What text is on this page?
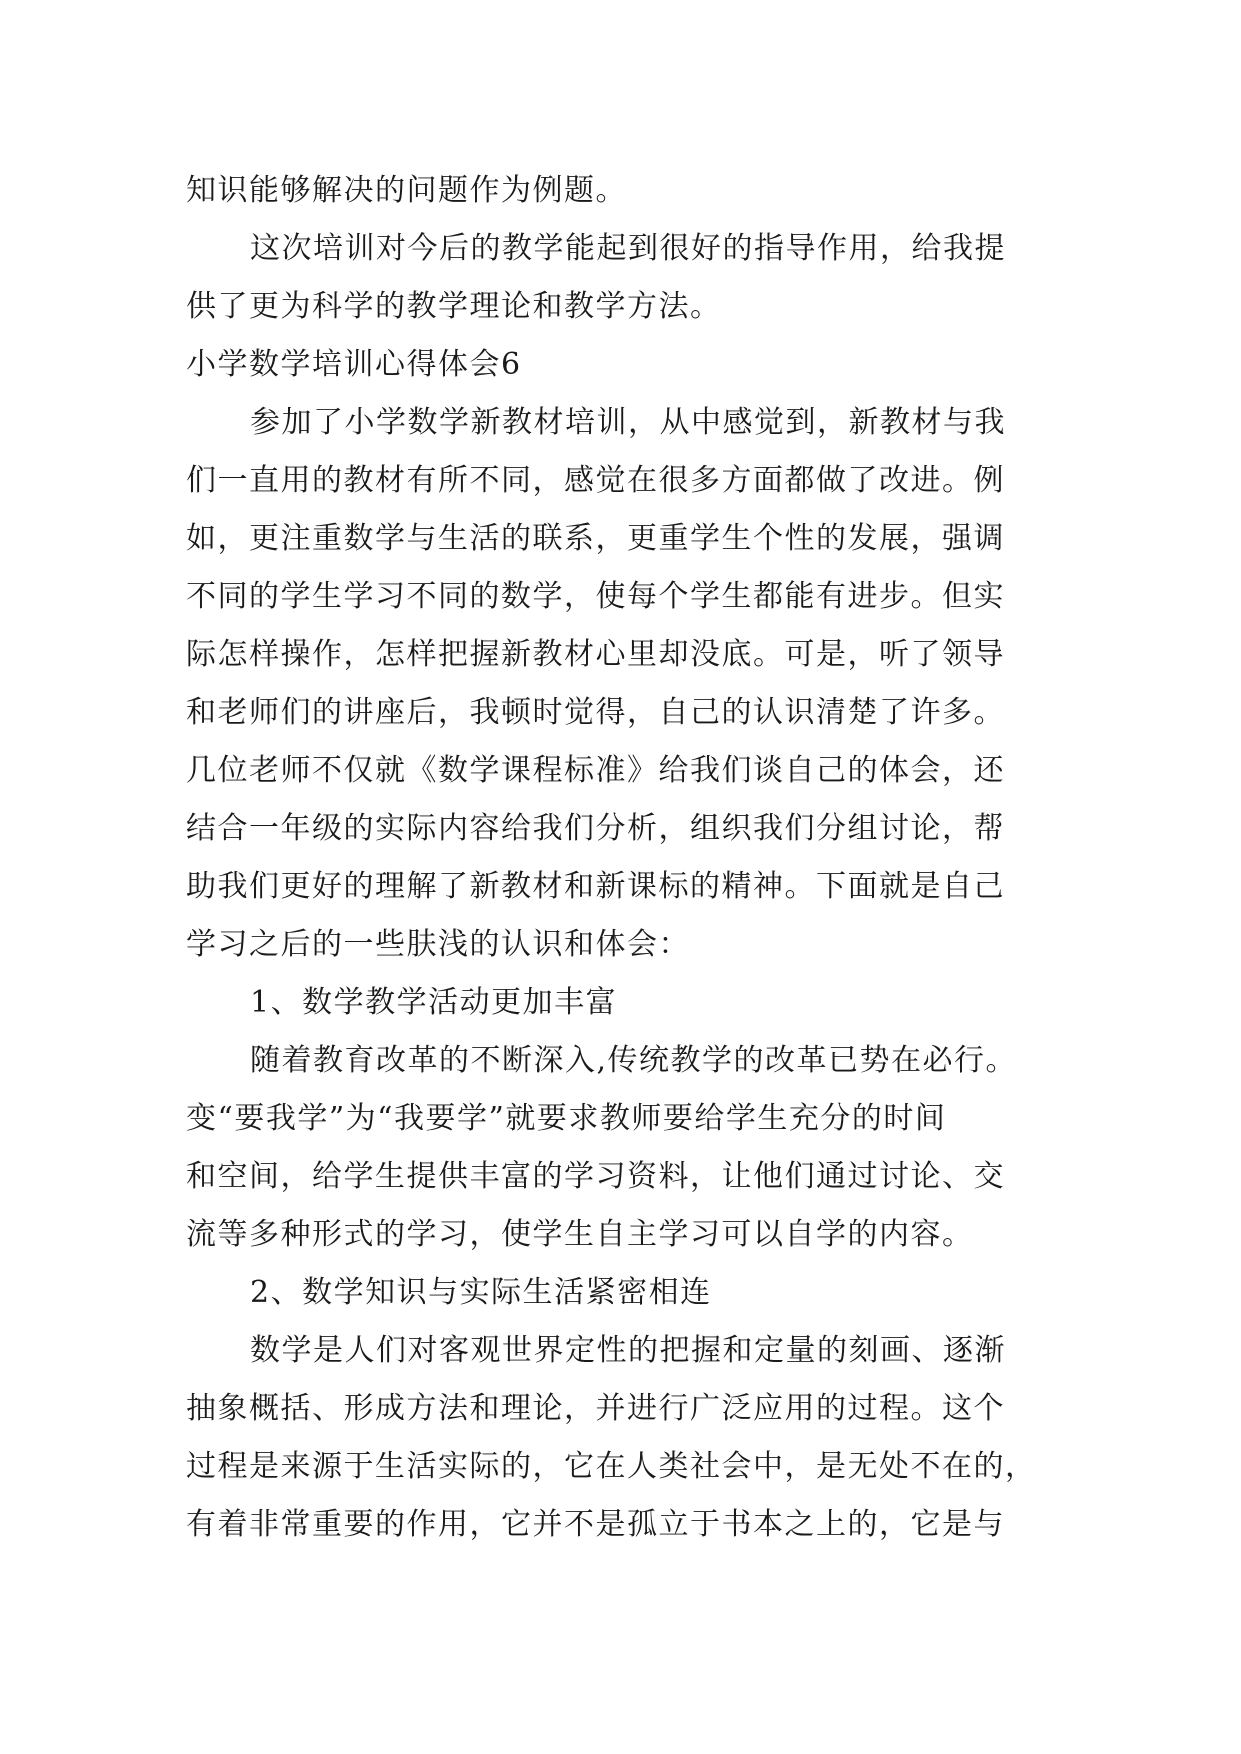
知识能够解决的问题作为例题。
这次培训对今后的教学能起到很好的指导作用，给我提
供了更为科学的教学理论和教学方法。
小学数学培训心得体会6
参加了小学数学新教材培训，从中感觉到，新教材与我
们一直用的教材有所不同，感觉在很多方面都做了改进。例
如，更注重数学与生活的联系，更重学生个性的发展，强调
不同的学生学习不同的数学，使每个学生都能有进步。但实
际怎样操作，怎样把握新教材心里却没底。可是，听了领导
和老师们的讲座后，我顿时觉得，自己的认识清楚了许多。
几位老师不仅就《数学课程标准》给我们谈自己的体会，还
结合一年级的实际内容给我们分析，组织我们分组讨论，帮
助我们更好的理解了新教材和新课标的精神。下面就是自己
学习之后的一些肤浅的认识和体会：
1、数学教学活动更加丰富
随着教育改革的不断深入,传统教学的改革已势在必行。
变“要我学”为“我要学”就要求教师要给学生充分的时间
和空间，给学生提供丰富的学习资料，让他们通过讨论、交
流等多种形式的学习，使学生自主学习可以自学的内容。
2、数学知识与实际生活紧密相连
数学是人们对客观世界定性的把握和定量的刻画、逐渐
抽象概括、形成方法和理论，并进行广泛应用的过程。这个
过程是来源于生活实际的，它在人类社会中，是无处不在的，
有着非常重要的作用，它并不是孤立于书本之上的，它是与
